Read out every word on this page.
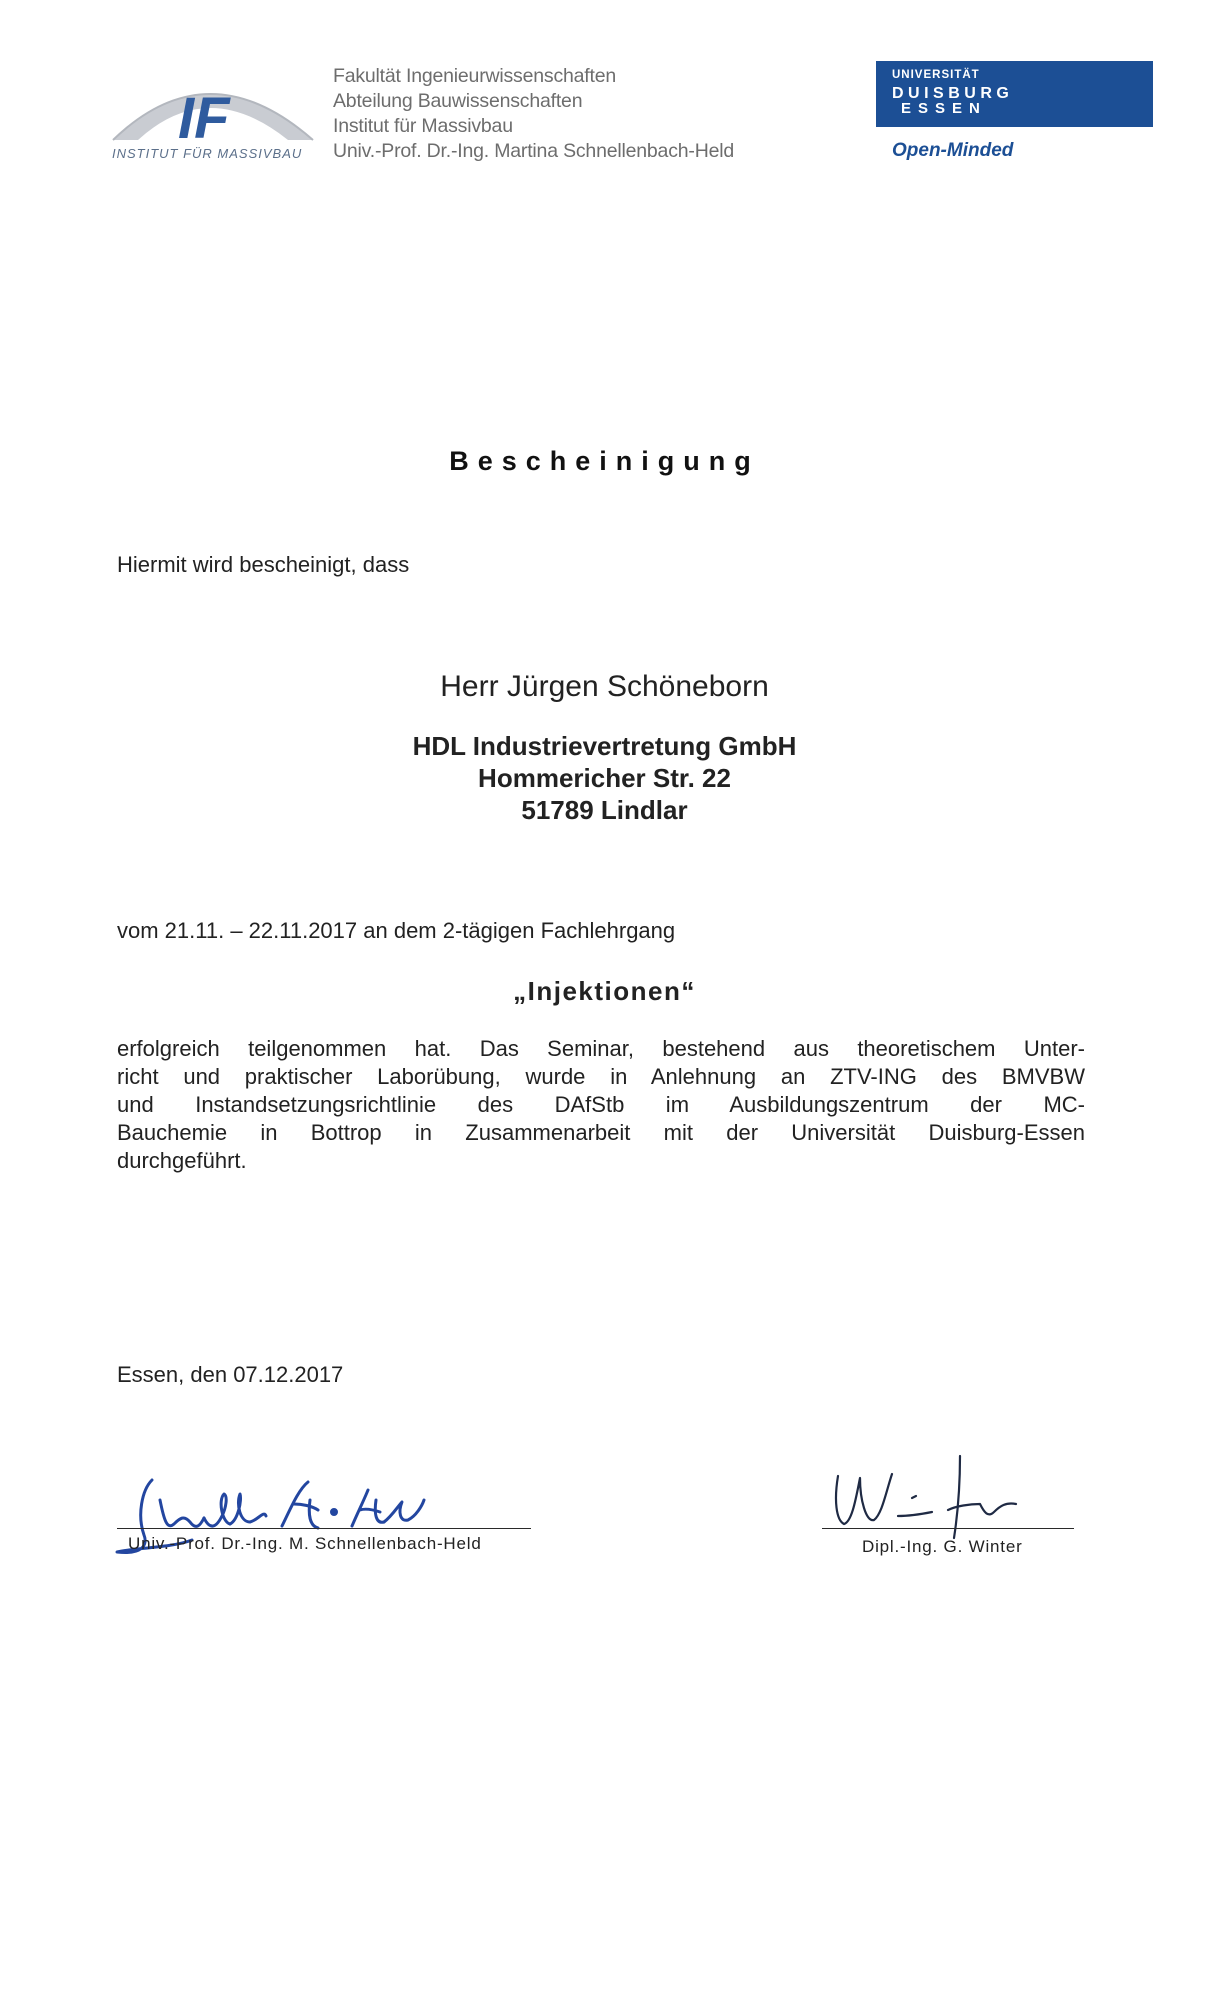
IF
INSTITUT FÜR MASSIVBAU
Fakultät Ingenieurwissenschaften
Abteilung Bauwissenschaften
Institut für Massivbau
Univ.-Prof. Dr.-Ing. Martina Schnellenbach-Held
UNIVERSITÄT
DUISBURG
ESSEN
Open-Minded
Bescheinigung
Hiermit wird bescheinigt, dass
Herr Jürgen Schöneborn
HDL Industrievertretung GmbH
Hommericher Str. 22
51789 Lindlar
vom 21.11. – 22.11.2017 an dem 2-tägigen Fachlehrgang
„Injektionen“
erfolgreich teilgenommen hat. Das Seminar, bestehend aus theoretischem Unter-
richt und praktischer Laborübung, wurde in Anlehnung an ZTV-ING des BMVBW
und Instandsetzungsrichtlinie des DAfStb im Ausbildungszentrum der MC-
Bauchemie in Bottrop in Zusammenarbeit mit der Universität Duisburg-Essen
durchgeführt.
Essen, den 07.12.2017
Univ.-Prof. Dr.-Ing. M. Schnellenbach-Held	Dipl.-Ing. G. Winter
